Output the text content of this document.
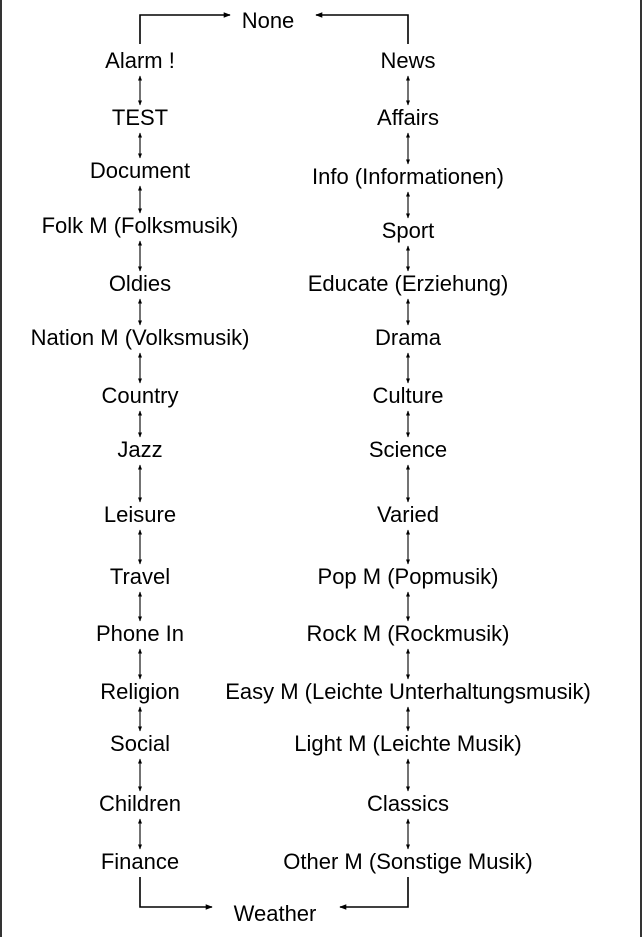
None
Weather
Alarm !
TEST
Document
Folk M (Folksmusik)
Oldies
Nation M (Volksmusik)
Country
Jazz
Leisure
Travel
Phone In
Religion
Social
Children
Finance
News
Affairs
Info (Informationen)
Sport
Educate (Erziehung)
Drama
Culture
Science
Varied
Pop M (Popmusik)
Rock M (Rockmusik)
Easy M (Leichte Unterhaltungsmusik)
Light M (Leichte Musik)
Classics
Other M (Sonstige Musik)
